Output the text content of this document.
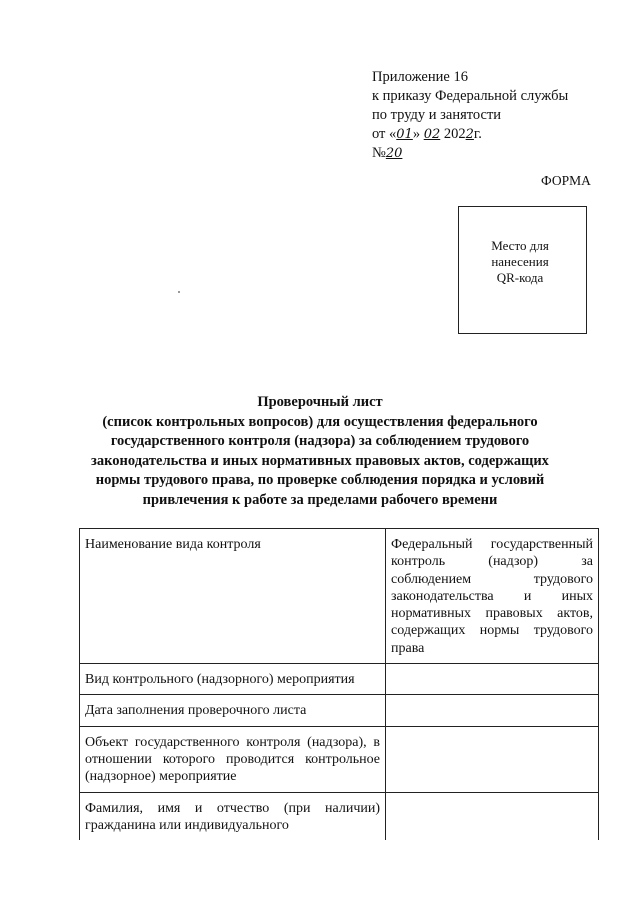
Приложение 16
к приказу Федеральной службы
по труду и занятости
от «01» 02 2022г.
№20
ФОРМА
Место для
нанесения
QR-кода
Проверочный лист
(список контрольных вопросов) для осуществления федерального
государственного контроля (надзора) за соблюдением трудового
законодательства и иных нормативных правовых актов, содержащих
нормы трудового права, по проверке соблюдения порядка и условий
привлечения к работе за пределами рабочего времени
Наименование вида контроля	Федеральный государственный контроль (надзор) за соблюдением трудового законодательства и иных нормативных правовых актов, содержащих нормы трудового права
Вид контрольного (надзорного) мероприятия	
Дата заполнения проверочного листа	
Объект государственного контроля (надзора), в отношении которого проводится контрольное (надзорное) мероприятие	
Фамилия, имя и отчество (при наличии) гражданина или индивидуального	
